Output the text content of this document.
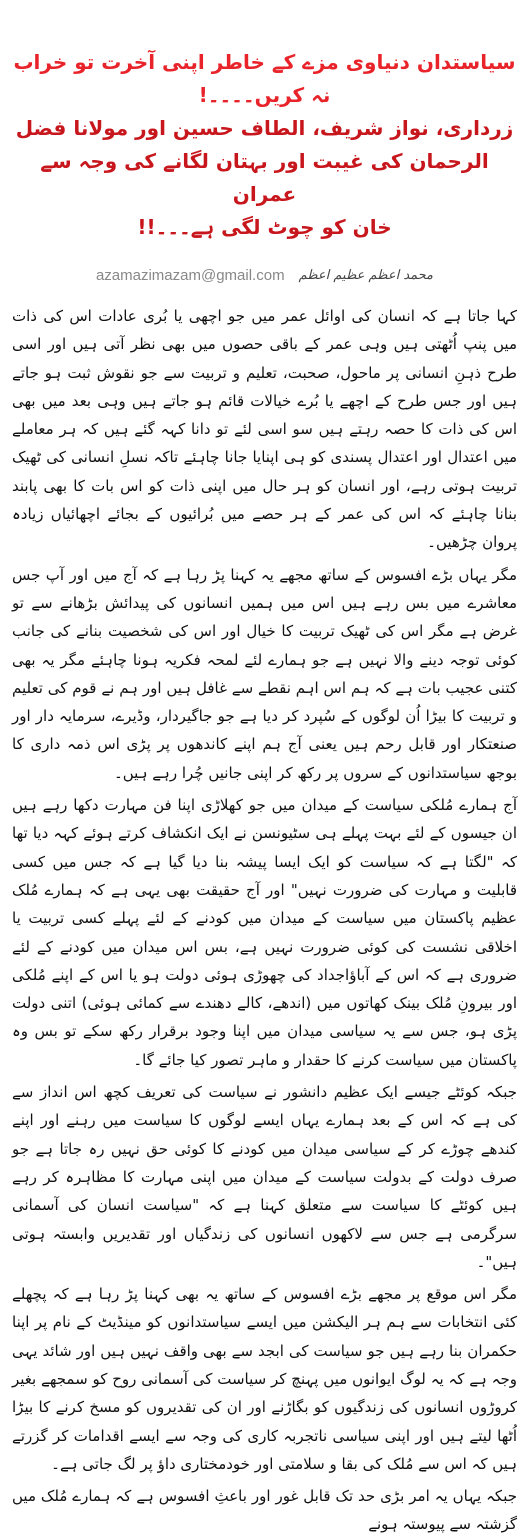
سیاستدان دنیاوی مزے کے خاطر اپنی آخرت تو خراب نہ کریں۔۔۔۔!

زرداری، نواز شریف، الطاف حسین اور مولانا فضل الرحمان کی غیبت اور بہتان لگانے کی وجہ سے عمران

خان کو چوٹ لگی ہے۔۔۔!!

azamazimazam@gmail.com محمد اعظم عظیم اعظم

کہا جاتا ہے کہ انسان کی اوائل عمر میں جو اچھی یا بُری عادات اس کی ذات میں پنپ اُٹھتی ہیں وہی عمر کے باقی حصوں میں بھی نظر آتی ہیں اور اسی طرح ذہنِ انسانی پر ماحول، صحبت، تعلیم و تربیت سے جو نقوش ثبت ہو جاتے ہیں اور جس طرح کے اچھے یا بُرے خیالات قائم ہو جاتے ہیں وہی بعد میں بھی اس کی ذات کا حصہ رہتے ہیں سو اسی لئے تو دانا کہہ گئے ہیں کہ ہر معاملے میں اعتدال اور اعتدال پسندی کو ہی اپنایا جانا چاہئے تاکہ نسلِ انسانی کی ٹھیک تربیت ہوتی رہے، اور انسان کو ہر حال میں اپنی ذات کو اس بات کا بھی پابند بنانا چاہئے کہ اس کی عمر کے ہر حصے میں بُرائیوں کے بجائے اچھائیاں زیادہ پروان چڑھیں۔

مگر یہاں بڑے افسوس کے ساتھ مجھے یہ کہنا پڑ رہا ہے کہ آج میں اور آپ جس معاشرے میں بس رہے ہیں اس میں ہمیں انسانوں کی پیدائش بڑھانے سے تو غرض ہے مگر اس کی ٹھیک تربیت کا خیال اور اس کی شخصیت بنانے کی جانب کوئی توجہ دینے والا نہیں ہے جو ہمارے لئے لمحہ فکریہ ہونا چاہئے مگر یہ بھی کتنی عجیب بات ہے کہ ہم اس اہم نقطے سے غافل ہیں اور ہم نے قوم کی تعلیم و تربیت کا بیڑا اُن لوگوں کے سُپرد کر دیا ہے جو جاگیردار، وڈیرے، سرمایہ دار اور صنعتکار اور قابل رحم ہیں یعنی آج ہم اپنے کاندھوں پر پڑی اس ذمہ داری کا بوجھ سیاستدانوں کے سروں پر رکھ کر اپنی جانیں چُرا رہے ہیں۔

آج ہمارے مُلکی سیاست کے میدان میں جو کھلاڑی اپنا فن مہارت دکھا رہے ہیں ان جیسوں کے لئے بہت پہلے ہی سٹیونسن نے ایک انکشاف کرتے ہوئے کہہ دیا تھا کہ "لگتا ہے کہ سیاست کو ایک ایسا پیشہ بنا دیا گیا ہے کہ جس میں کسی قابلیت و مہارت کی ضرورت نہیں" اور آج حقیقت بھی یہی ہے کہ ہمارے مُلک عظیم پاکستان میں سیاست کے میدان میں کودنے کے لئے پہلے کسی تربیت یا اخلاقی نشست کی کوئی ضرورت نہیں ہے، بس اس میدان میں کودنے کے لئے ضروری ہے کہ اس کے آباؤاجداد کی چھوڑی ہوئی دولت ہو یا اس کے اپنے مُلکی اور بیرونِ مُلک بینک کھاتوں میں (اندھے، کالے دھندے سے کمائی ہوئی) اتنی دولت پڑی ہو، جس سے یہ سیاسی میدان میں اپنا وجود برقرار رکھ سکے تو بس وہ پاکستان میں سیاست کرنے کا حقدار و ماہر تصور کیا جائے گا۔

جبکہ کوئٹے جیسے ایک عظیم دانشور نے سیاست کی تعریف کچھ اس انداز سے کی ہے کہ اس کے بعد ہمارے یہاں ایسے لوگوں کا سیاست میں رہنے اور اپنے کندھے چوڑے کر کے سیاسی میدان میں کودنے کا کوئی حق نہیں رہ جاتا ہے جو صرف دولت کے بدولت سیاست کے میدان میں اپنی مہارت کا مظاہرہ کر رہے ہیں کوئٹے کا سیاست سے متعلق کہنا ہے کہ "سیاست انسان کی آسمانی سرگرمی ہے جس سے لاکھوں انسانوں کی زندگیاں اور تقدیریں وابستہ ہوتی ہیں"۔

مگر اس موقع پر مجھے بڑے افسوس کے ساتھ یہ بھی کہنا پڑ رہا ہے کہ پچھلے کئی انتخابات سے ہم ہر الیکشن میں ایسے سیاستدانوں کو مینڈیٹ کے نام پر اپنا حکمران بنا رہے ہیں جو سیاست کی ابجد سے بھی واقف نہیں ہیں اور شائد یہی وجہ ہے کہ یہ لوگ ایوانوں میں پہنچ کر سیاست کی آسمانی روح کو سمجھے بغیر کروڑوں انسانوں کی زندگیوں کو بگاڑنے اور ان کی تقدیروں کو مسخ کرنے کا بیڑا اُٹھا لیتے ہیں اور اپنی سیاسی ناتجربہ کاری کی وجہ سے ایسے اقدامات کر گزرتے ہیں کہ اس سے مُلک کی بقا و سلامتی اور خودمختاری داؤ پر لگ جاتی ہے۔

جبکہ یہاں یہ امر بڑی حد تک قابل غور اور باعثِ افسوس ہے کہ ہمارے مُلک میں گزشتہ سے پیوستہ ہونے
